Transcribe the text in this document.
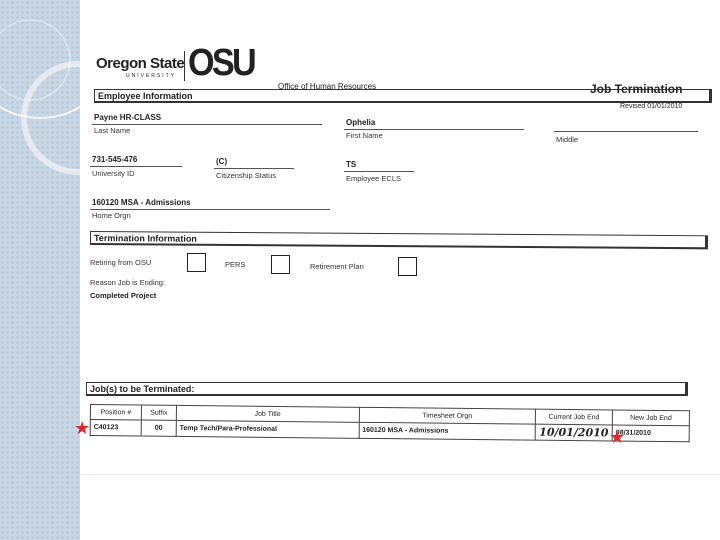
Oregon State
UNIVERSITY OSU
Office of Human Resources	Job Termination
Employee Information
Revised 01/01/2010
Payne HR-CLASS
Last Name
Ophelia
First Name	Middle
731-545-476
University ID
(C)
Citizenship Status
TS
Employee ECLS
160120 MSA - Admissions
Home Orgn
Termination Information
Retiring from OSU	PERS	Retirement Plan
Reason Job is Ending:
Completed Project
Job(s) to be Terminated:
Position #	Suffix	Job Title	Timesheet Orgn	Current Job End	New Job End
C40123	00	Temp Tech/Para-Professional	160120 MSA - Admissions	10/01/2010	08/31/2010
★	★
